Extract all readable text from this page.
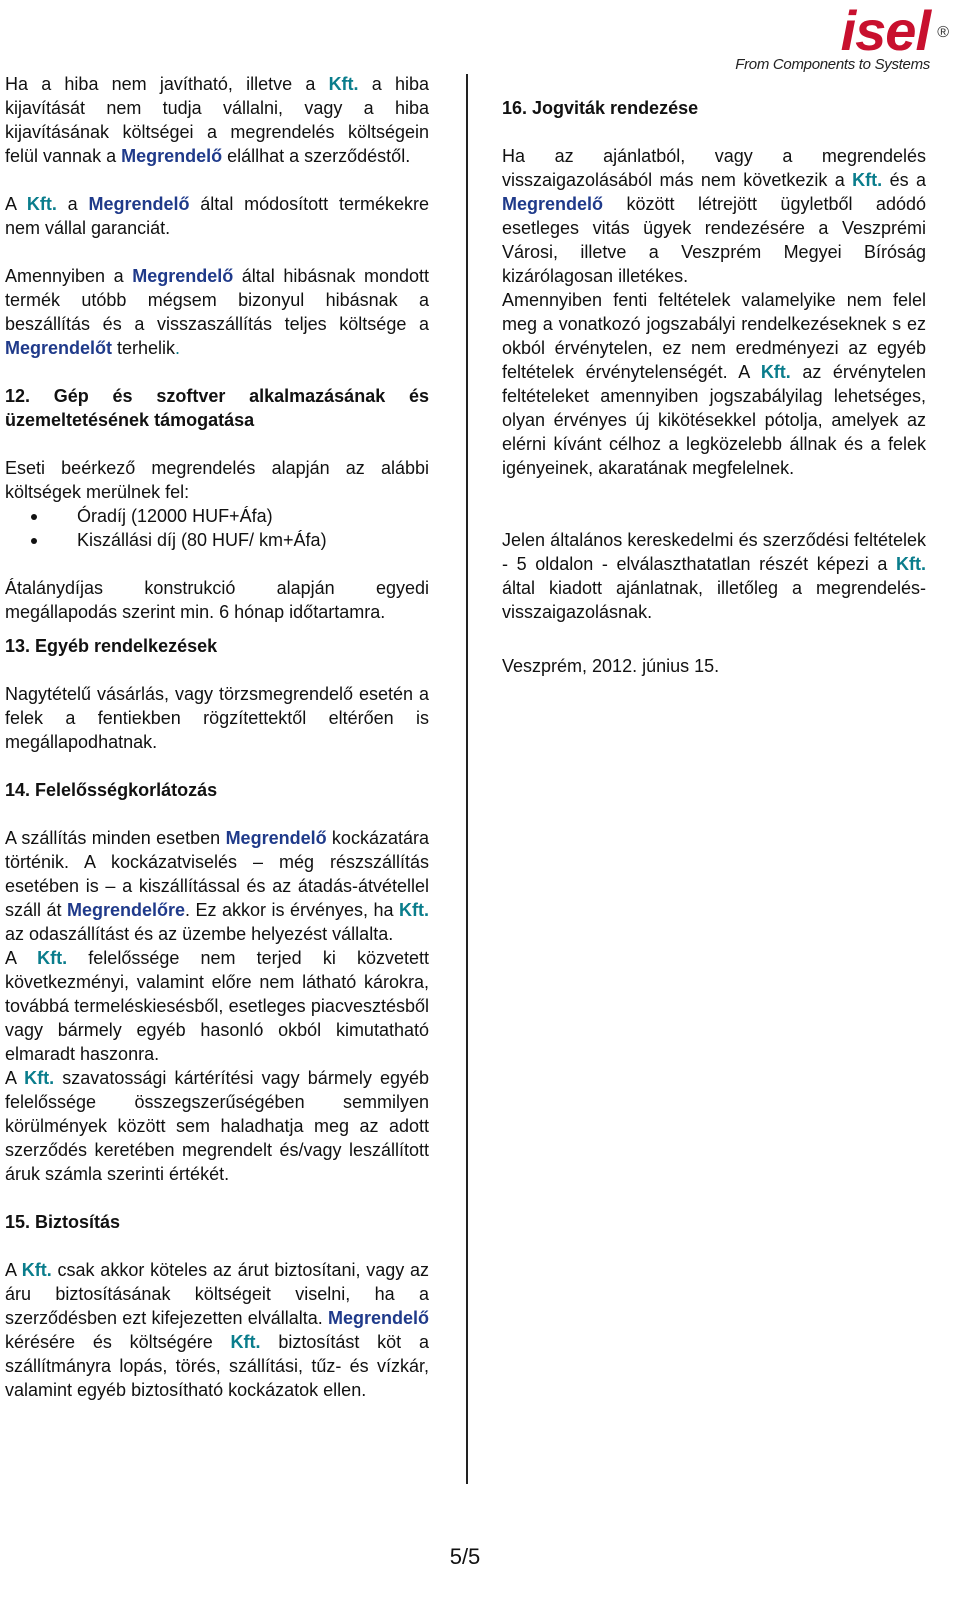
isel ®
From Components to Systems

Ha a hiba nem javítható, illetve a Kft. a hiba kijavítását nem tudja vállalni, vagy a hiba kijavításának költségei a megrendelés költségein felül vannak a Megrendelő elállhat a szerződéstől.

A Kft. a Megrendelő által módosított termékekre nem vállal garanciát.

Amennyiben a Megrendelő által hibásnak mondott termék utóbb mégsem bizonyul hibásnak a beszállítás és a visszaszállítás teljes költsége a Megrendelőt terhelik.

12. Gép és szoftver alkalmazásának és üzemeltetésének támogatása

Eseti beérkező megrendelés alapján az alábbi költségek merülnek fel:

Óradíj (12000 HUF+Áfa)
Kiszállási díj (80 HUF/ km+Áfa)

Átalánydíjas konstrukció alapján egyedi megállapodás szerint min. 6 hónap időtartamra.

13. Egyéb rendelkezések

Nagytételű vásárlás, vagy törzsmegrendelő esetén a felek a fentiekben rögzítettektől eltérően is megállapodhatnak.

14. Felelősségkorlátozás

A szállítás minden esetben Megrendelő kockázatára történik. A kockázatviselés – még részszállítás esetében is – a kiszállítással és az átadás-átvétellel száll át Megrendelőre. Ez akkor is érvényes, ha Kft. az odaszállítást és az üzembe helyezést vállalta.

A Kft. felelőssége nem terjed ki közvetett következményi, valamint előre nem látható károkra, továbbá termeléskiesésből, esetleges piacvesztésből vagy bármely egyéb hasonló okból kimutatható elmaradt haszonra.

A Kft. szavatossági kártérítési vagy bármely egyéb felelőssége összegszerűségében semmilyen körülmények között sem haladhatja meg az adott szerződés keretében megrendelt és/vagy leszállított áruk számla szerinti értékét.

15. Biztosítás

A Kft. csak akkor köteles az árut biztosítani, vagy az áru biztosításának költségeit viselni, ha a szerződésben ezt kifejezetten elvállalta. Megrendelő kérésére és költségére Kft. biztosítást köt a szállítmányra lopás, törés, szállítási, tűz- és vízkár, valamint egyéb biztosítható kockázatok ellen.

16. Jogviták rendezése

Ha az ajánlatból, vagy a megrendelés visszaigazolásából más nem következik a Kft. és a Megrendelő között létrejött ügyletből adódó esetleges vitás ügyek rendezésére a Veszprémi Városi, illetve a Veszprém Megyei Bíróság kizárólagosan illetékes.

Amennyiben fenti feltételek valamelyike nem felel meg a vonatkozó jogszabályi rendelkezéseknek s ez okból érvénytelen, ez nem eredményezi az egyéb feltételek érvénytelenségét. A Kft. az érvénytelen feltételeket amennyiben jogszabályilag lehetséges, olyan érvényes új kikötésekkel pótolja, amelyek az elérni kívánt célhoz a legközelebb állnak és a felek igényeinek, akaratának megfelelnek.

Jelen általános kereskedelmi és szerződési feltételek - 5 oldalon - elválaszthatatlan részét képezi a Kft. által kiadott ajánlatnak, illetőleg a megrendelés-visszaigazolásnak.

Veszprém, 2012. június 15.

5/5
